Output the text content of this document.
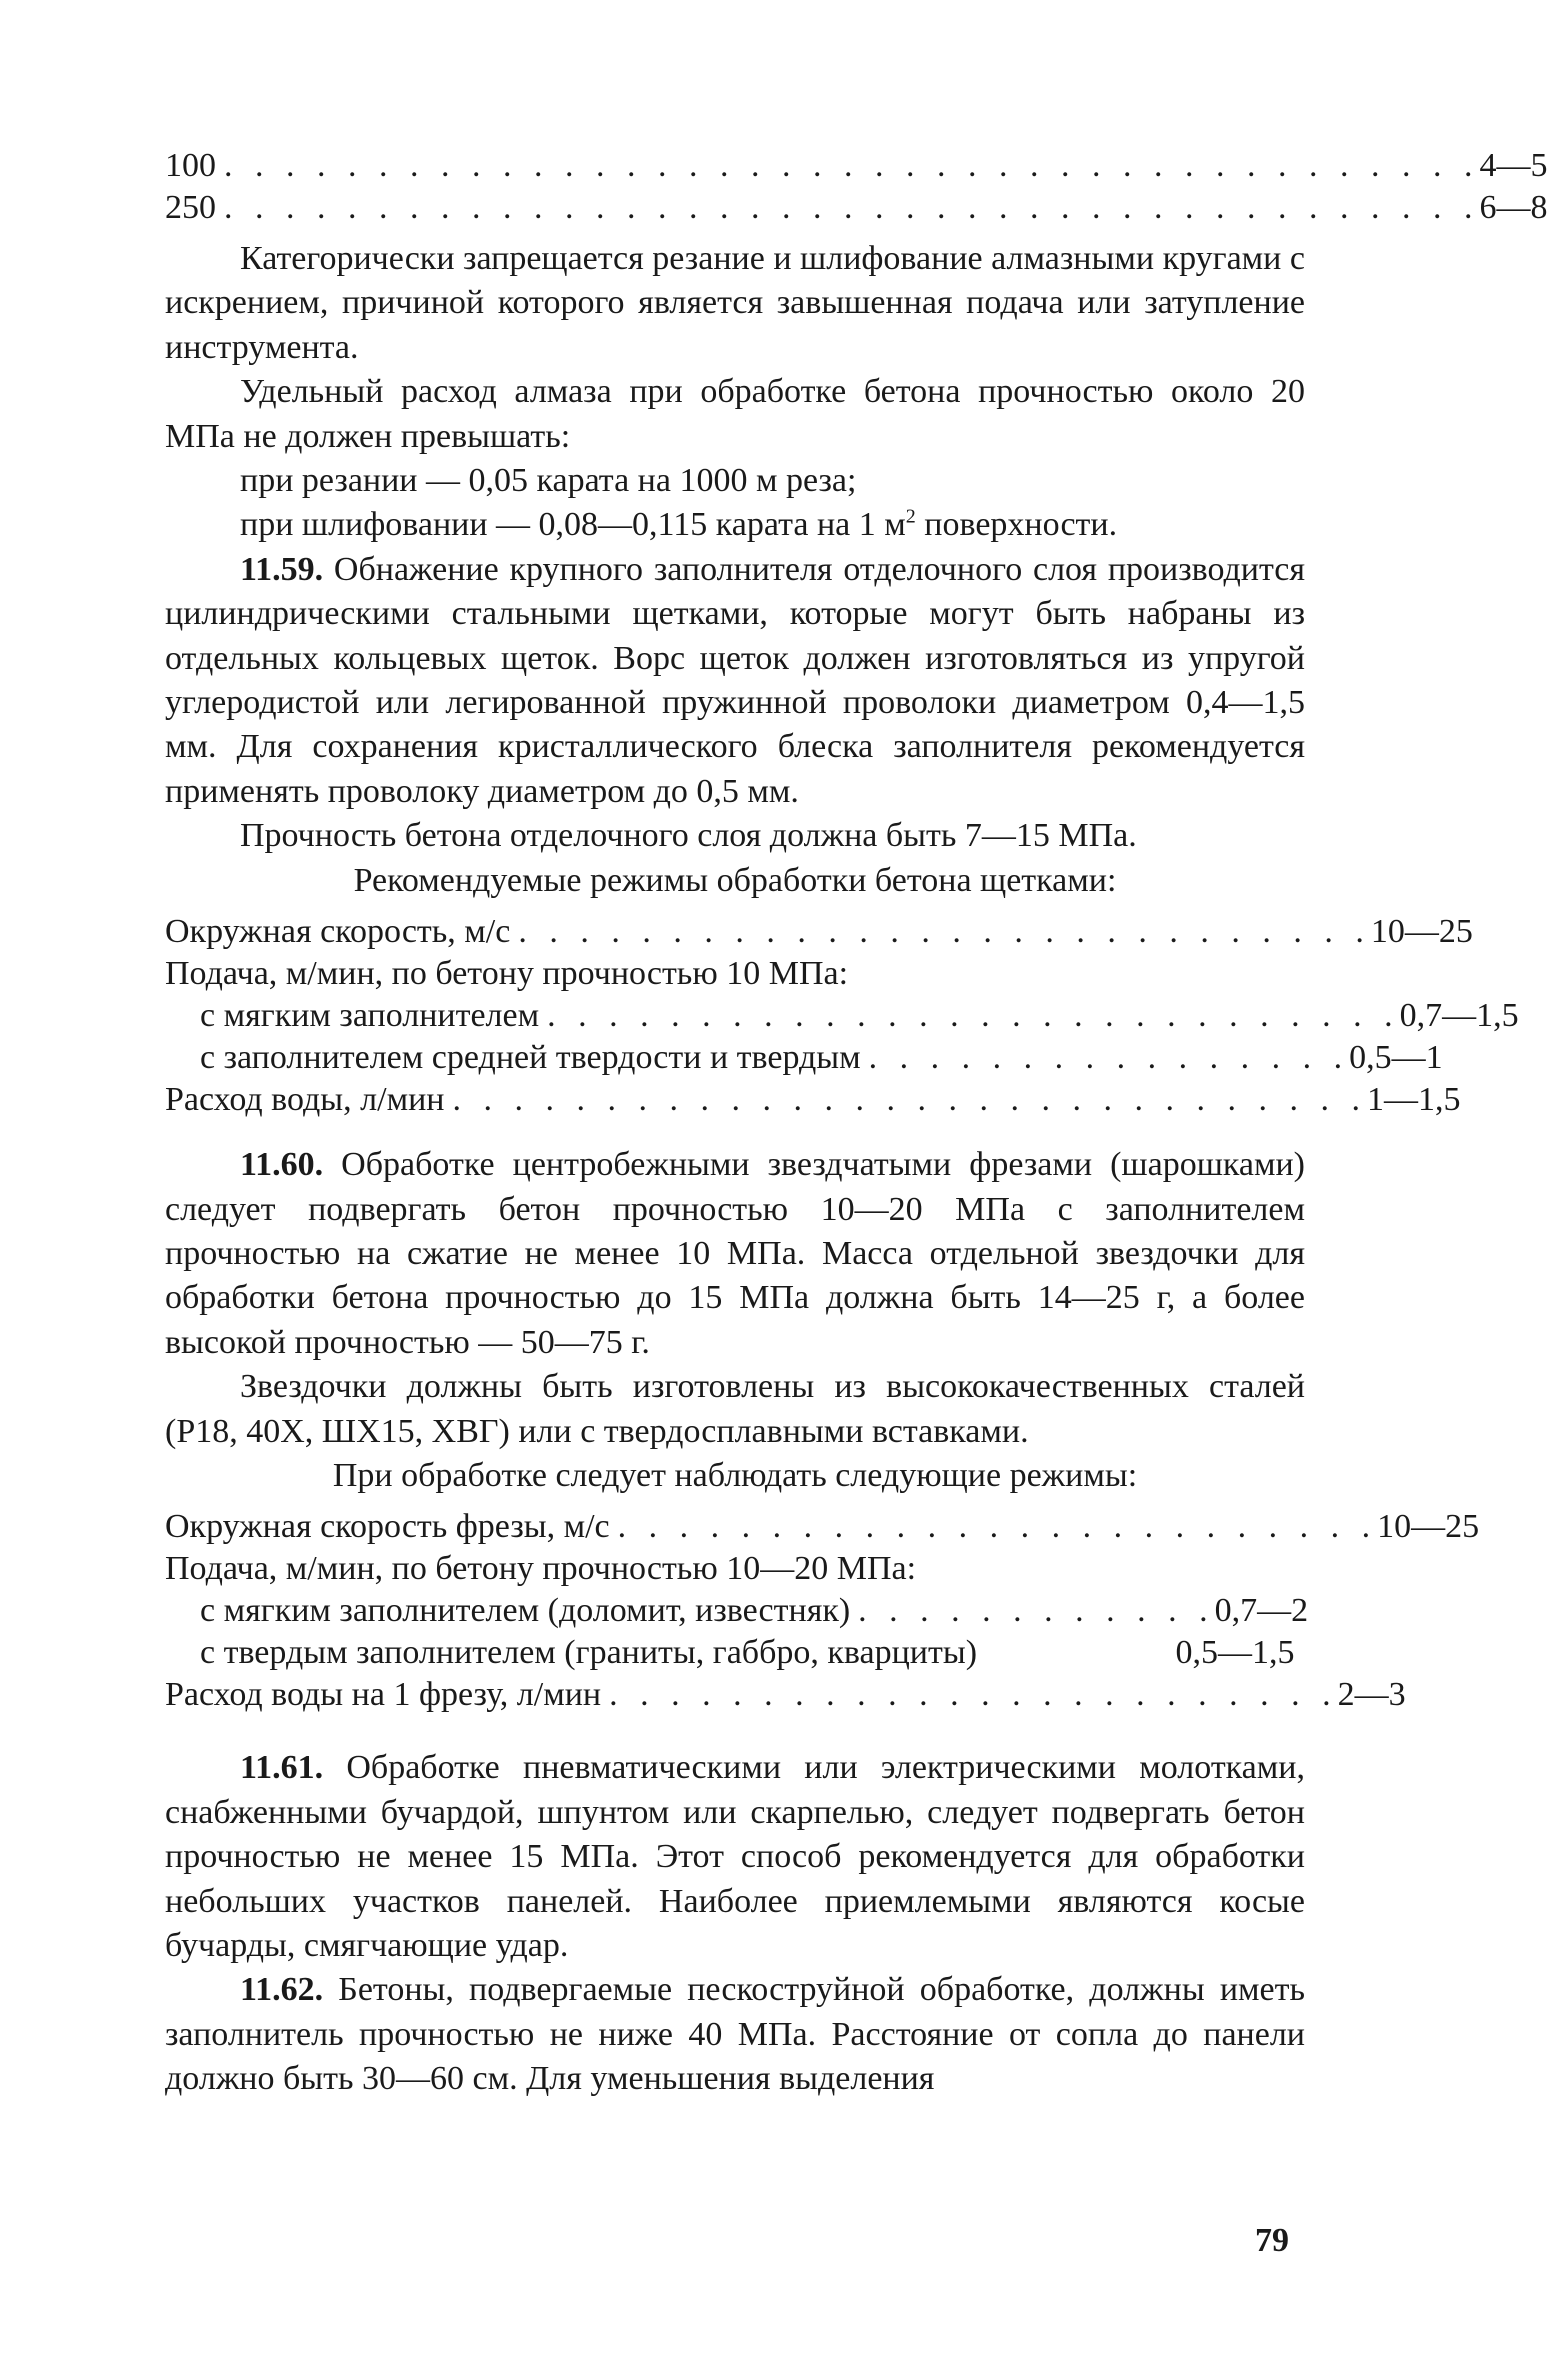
100 . . . . . . . . . . . . . . . . . . . . . . . . . . . . . . . . . . . . . . . . . 4—5
250 . . . . . . . . . . . . . . . . . . . . . . . . . . . . . . . . . . . . . . . . . 6—8

Категорически запрещается резание и шлифование алмазными кругами с искрением, причиной которого является завышенная подача или затупление инструмента.

Удельный расход алмаза при обработке бетона прочностью около 20 МПа не должен превышать:

при резании — 0,05 карата на 1000 м реза;

при шлифовании — 0,08—0,115 карата на 1 $м^2$ поверхности.

11.59. Обнажение крупного заполнителя отделочного слоя производится цилиндрическими стальными щетками, которые могут быть набраны из отдельных кольцевых щеток. Ворс щеток должен изготовляться из упругой углеродистой или легированной пружинной проволоки диаметром 0,4—1,5 мм. Для сохранения кристаллического блеска заполнителя рекомендуется применять проволоку диаметром до 0,5 мм.

Прочность бетона отделочного слоя должна быть 7—15 МПа.

Рекомендуемые режимы обработки бетона щетками:

Окружная скорость, м/с . . . . . . . . . . . . . . . . . . . . . . . . . . . . 10—25
Подача, м/мин, по бетону прочностью 10 МПа:
с мягким заполнителем . . . . . . . . . . . . . . . . . . . . . . . . . . . . 0,7—1,5
с заполнителем средней твердости и твердым . . . . . . . . . . . . . . . . 0,5—1
Расход воды, л/мин . . . . . . . . . . . . . . . . . . . . . . . . . . . . . . 1—1,5

11.60. Обработке центробежными звездчатыми фрезами (шарошками) следует подвергать бетон прочностью 10—20 МПа с заполнителем прочностью на сжатие не менее 10 МПа. Масса отдельной звездочки для обработки бетона прочностью до 15 МПа должна быть 14—25 г, а более высокой прочностью — 50—75 г.

Звездочки должны быть изготовлены из высококачественных сталей (Р18, 40Х, ШХ15, ХВГ) или с твердосплавными вставками.

При обработке следует наблюдать следующие режимы:

Окружная скорость фрезы, м/с . . . . . . . . . . . . . . . . . . . . . . . . . 10—25
Подача, м/мин, по бетону прочностью 10—20 МПа:
с мягким заполнителем (доломит, известняк) . . . . . . . . . . . . 0,7—2
с твердым заполнителем (граниты, габбро, кварциты)	0,5—1,5
Расход воды на 1 фрезу, л/мин . . . . . . . . . . . . . . . . . . . . . . . . 2—3

11.61. Обработке пневматическими или электрическими молотками, снабженными бучардой, шпунтом или скарпелью, следует подвергать бетон прочностью не менее 15 МПа. Этот способ рекомендуется для обработки небольших участков панелей. Наиболее приемлемыми являются косые бучарды, смягчающие удар.

11.62. Бетоны, подвергаемые пескоструйной обработке, должны иметь заполнитель прочностью не ниже 40 МПа. Расстояние от сопла до панели должно быть 30—60 см. Для уменьшения выделения

79
